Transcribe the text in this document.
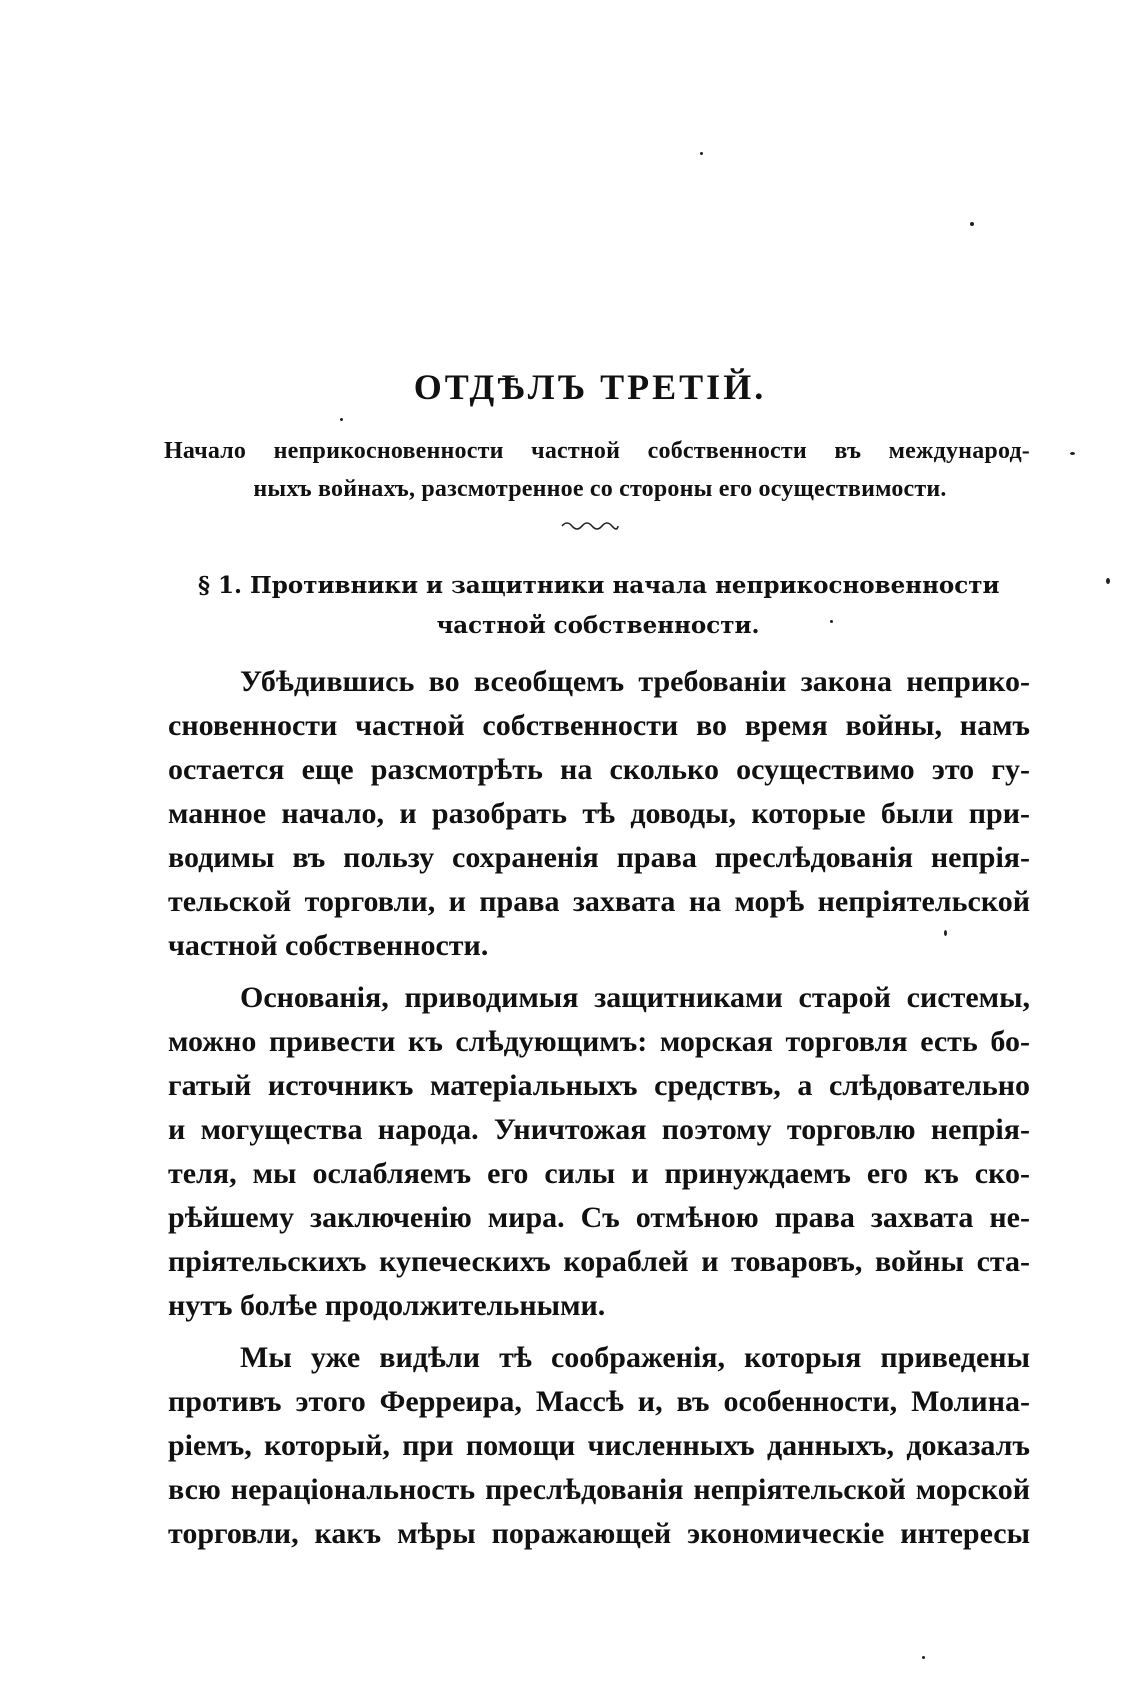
ОТДѢЛЪ ТРЕТІЙ.
Начало неприкосновенности частной собственности въ международ-
ныхъ войнахъ, разсмотренное со стороны его осуществимости.
§ 1. Противники и защитники начала неприкосновенности
частной собственности.
Убѣдившись во всеобщемъ требованіи закона неприко-
сновенности частной собственности во время войны, намъ
остается еще разсмотрѣть на сколько осуществимо это гу-
манное начало, и разобрать тѣ доводы, которые были при-
водимы въ пользу сохраненія права преслѣдованія непрія-
тельской торговли, и права захвата на морѣ непріятельской
частной собственности.
Основанія, приводимыя защитниками старой системы,
можно привести къ слѣдующимъ: морская торговля есть бо-
гатый источникъ матеріальныхъ средствъ, а слѣдовательно
и могущества народа. Уничтожая поэтому торговлю непрія-
теля, мы ослабляемъ его силы и принуждаемъ его къ ско-
рѣйшему заключенію мира. Съ отмѣною права захвата не-
пріятельскихъ купеческихъ кораблей и товаровъ, войны ста-
нутъ болѣе продолжительными.
Мы уже видѣли тѣ соображенія, которыя приведены
противъ этого Ферреира, Массѣ и, въ особенности, Молина-
ріемъ, который, при помощи численныхъ данныхъ, доказалъ
всю нераціональность преслѣдованія непріятельской морской
торговли, какъ мѣры поражающей экономическіе интересы
